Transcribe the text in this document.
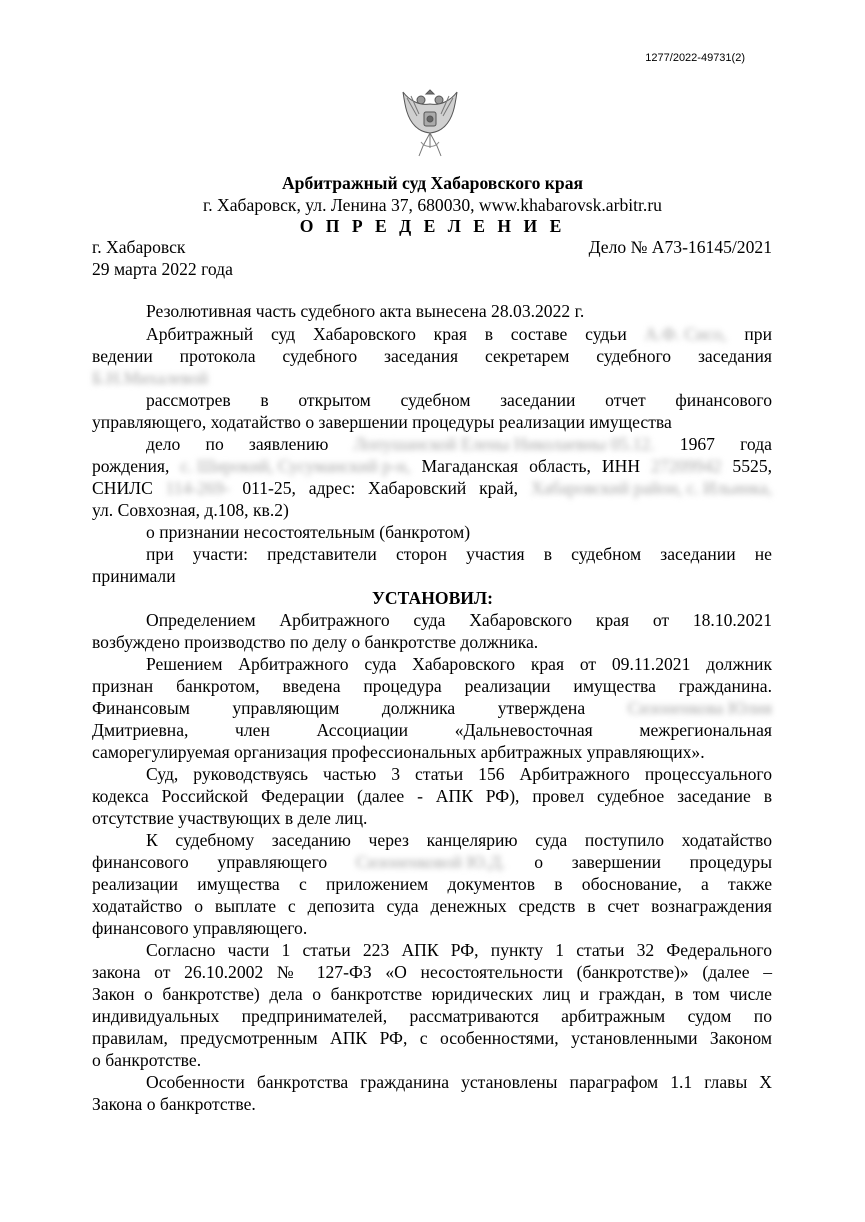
1277/2022-49731(2)
Арбитражный суд Хабаровского края
г. Хабаровск, ул. Ленина 37, 680030, www.khabarovsk.arbitr.ru
О П Р Е Д Е Л Е Н И Е
г. Хабаровск	Дело № А73-16145/2021
29 марта 2022 года
Резолютивная часть судебного акта вынесена 28.03.2022 г.
Арбитражный суд Хабаровского края в составе судьи А.Ф. Сисо, при
ведении протокола судебного заседания секретарем судебного заседания
Б.Н.Михалевой
рассмотрев в открытом судебном заседании отчет финансового
управляющего, ходатайство о завершении процедуры реализации имущества
дело по заявлению Лопушанской Елены Николаевны 05.12. 1967 года
рождения, с. Широкий, Сусуманский р-н, Магаданская область, ИНН 27209942 5525,
СНИЛС 114-269- 011-25, адрес: Хабаровский край, Хабаровский район, с. Ильинка,
ул. Совхозная, д.108, кв.2)
о признании несостоятельным (банкротом)
при участи: представители сторон участия в судебном заседании не
принимали
УСТАНОВИЛ:
Определением Арбитражного суда Хабаровского края от 18.10.2021
возбуждено производство по делу о банкротстве должника.
Решением Арбитражного суда Хабаровского края от 09.11.2021 должник
признан банкротом, введена процедура реализации имущества гражданина.
Финансовым управляющим должника утверждена Сизоненкова Юлия
Дмитриевна, член Ассоциации «Дальневосточная межрегиональная
саморегулируемая организация профессиональных арбитражных управляющих».
Суд, руководствуясь частью 3 статьи 156 Арбитражного процессуального
кодекса Российской Федерации (далее - АПК РФ), провел судебное заседание в
отсутствие участвующих в деле лиц.
К судебному заседанию через канцелярию суда поступило ходатайство
финансового управляющего Сизоненковой Ю.Д. о завершении процедуры
реализации имущества с приложением документов в обоснование, а также
ходатайство о выплате с депозита суда денежных средств в счет вознаграждения
финансового управляющего.
Согласно части 1 статьи 223 АПК РФ, пункту 1 статьи 32 Федерального
закона от 26.10.2002 № 127-ФЗ «О несостоятельности (банкротстве)» (далее –
Закон о банкротстве) дела о банкротстве юридических лиц и граждан, в том числе
индивидуальных предпринимателей, рассматриваются арбитражным судом по
правилам, предусмотренным АПК РФ, с особенностями, установленными Законом
о банкротстве.
Особенности банкротства гражданина установлены параграфом 1.1 главы X
Закона о банкротстве.
